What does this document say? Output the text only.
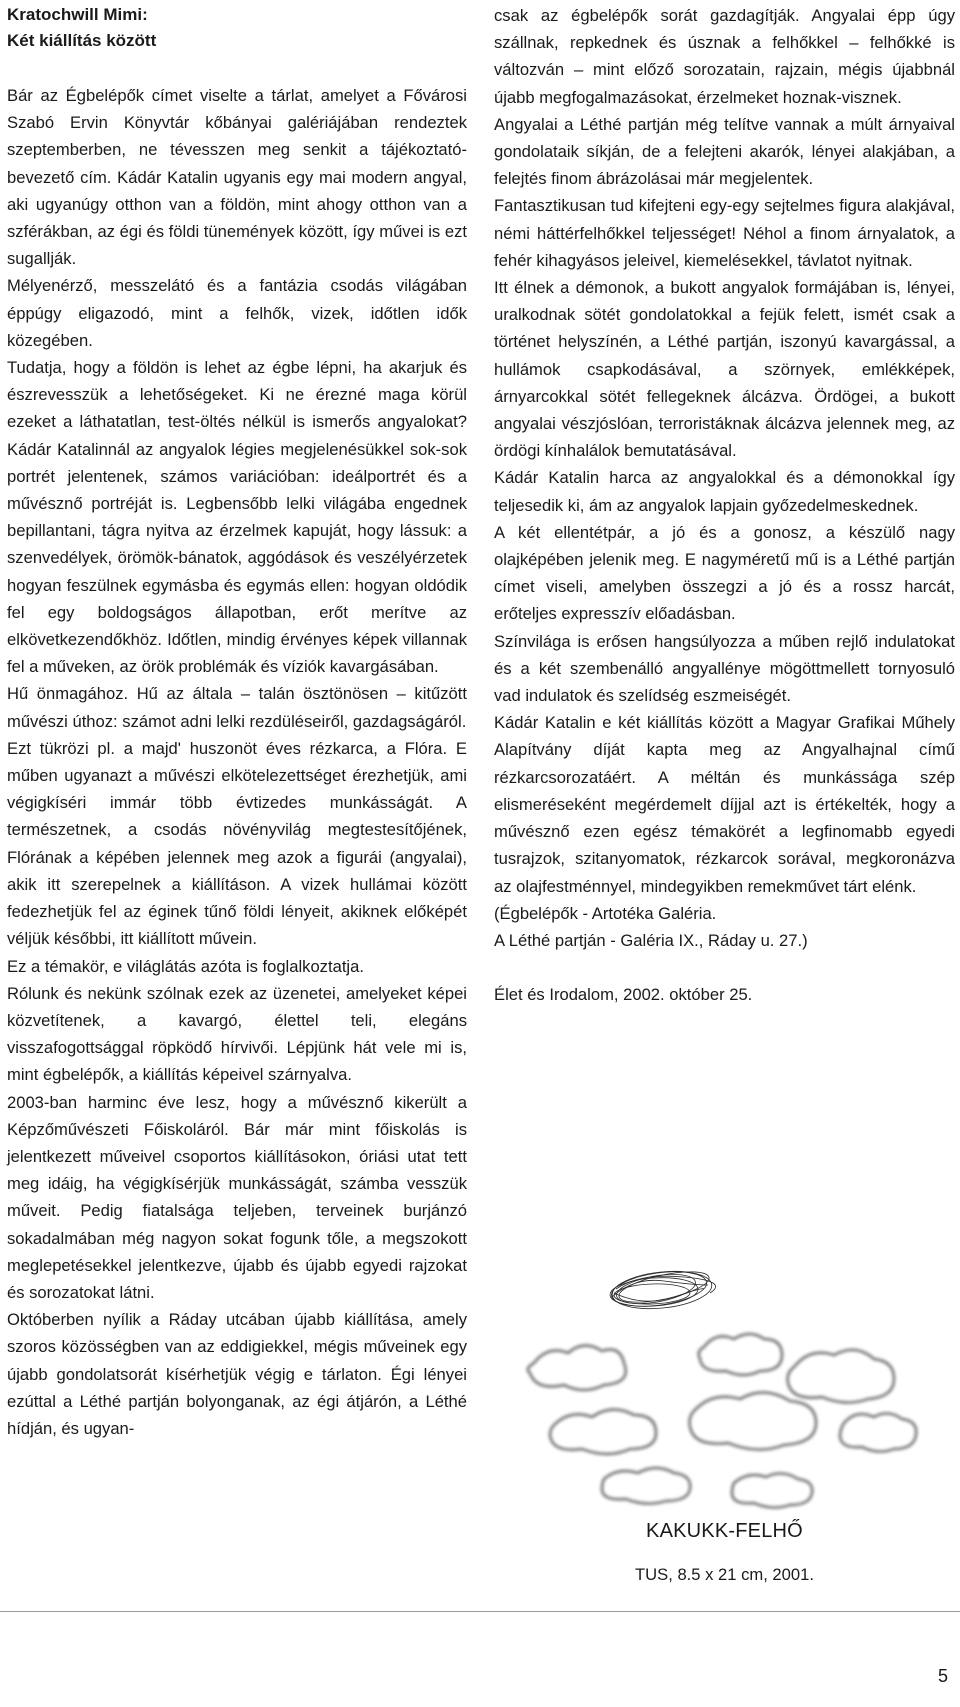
Kratochwill Mimi:

Két kiállítás között

Bár az Égbelépők címet viselte a tárlat, amelyet a Fővárosi Szabó Ervin Könyvtár kőbányai galériájában rendeztek szeptemberben, ne tévesszen meg senkit a tájékoztató-bevezető cím. Kádár Katalin ugyanis egy mai modern angyal, aki ugyanúgy otthon van a földön, mint ahogy otthon van a szférákban, az égi és földi tünemények között, így művei is ezt sugallják.

Mélyenérző, messzelátó és a fantázia csodás világában éppúgy eligazodó, mint a felhők, vizek, időtlen idők közegében.

Tudatja, hogy a földön is lehet az égbe lépni, ha akarjuk és észrevesszük a lehetőségeket. Ki ne érezné maga körül ezeket a láthatatlan, test-öltés nélkül is ismerős angyalokat? Kádár Katalinnál az angyalok légies megjelenésükkel sok-sok portrét jelentenek, számos variációban: ideálportrét és a művésznő portréját is. Legbensőbb lelki világába engednek bepillantani, tágra nyitva az érzelmek kapuját, hogy lássuk: a szenvedélyek, örömök-bánatok, aggódások és veszélyérzetek hogyan feszülnek egymásba és egymás ellen: hogyan oldódik fel egy boldogságos állapotban, erőt merítve az elkövetkezendőkhöz. Időtlen, mindig érvényes képek villannak fel a műveken, az örök problémák és víziók kavargásában.

Hű önmagához. Hű az általa – talán ösztönösen – kitűzött művészi úthoz: számot adni lelki rezdüléseiről, gazdagságáról.

Ezt tükrözi pl. a majd' huszonöt éves rézkarca, a Flóra. E műben ugyanazt a művészi elkötelezettséget érezhetjük, ami végigkíséri immár több évtizedes munkásságát. A természetnek, a csodás növényvilág megtestesítőjének, Flórának a képében jelennek meg azok a figurái (angyalai), akik itt szerepelnek a kiállításon. A vizek hullámai között fedezhetjük fel az éginek tűnő földi lényeit, akiknek előképét véljük későbbi, itt kiállított művein.

Ez a témakör, e világlátás azóta is foglalkoztatja.

Rólunk és nekünk szólnak ezek az üzenetei, amelyeket képei közvetítenek, a kavargó, élettel teli, elegáns visszafogottsággal röpködő hírvivői. Lépjünk hát vele mi is, mint égbelépők, a kiállítás képeivel szárnyalva.

2003-ban harminc éve lesz, hogy a művésznő kikerült a Képzőművészeti Főiskoláról. Bár már mint főiskolás is jelentkezett műveivel csoportos kiállításokon, óriási utat tett meg idáig, ha végigkísérjük munkásságát, számba vesszük műveit. Pedig fiatalsága teljeben, terveinek burjánzó sokadalmában még nagyon sokat fogunk tőle, a megszokott meglepetésekkel jelentkezve, újabb és újabb egyedi rajzokat és sorozatokat látni.

Októberben nyílik a Ráday utcában újabb kiállítása, amely szoros közösségben van az eddigiekkel, mégis műveinek egy újabb gondolatsorát kísérhetjük végig e tárlaton. Égi lényei ezúttal a Léthé partján bolyonganak, az égi átjárón, a Léthé hídján, és ugyan-

csak az égbelépők sorát gazdagítják. Angyalai épp úgy szállnak, repkednek és úsznak a felhőkkel – felhőkké is változván – mint előző sorozatain, rajzain, mégis újabbnál újabb megfogalmazásokat, érzelmeket hoznak-visznek.

Angyalai a Léthé partján még telítve vannak a múlt árnyaival gondolataik síkján, de a felejteni akarók, lényei alakjában, a felejtés finom ábrázolásai már megjelentek.

Fantasztikusan tud kifejteni egy-egy sejtelmes figura alakjával, némi háttérfelhőkkel teljességet! Néhol a finom árnyalatok, a fehér kihagyásos jeleivel, kiemelésekkel, távlatot nyitnak.

Itt élnek a démonok, a bukott angyalok formájában is, lényei, uralkodnak sötét gondolatokkal a fejük felett, ismét csak a történet helyszínén, a Léthé partján, iszonyú kavargással, a hullámok csapkodásával, a szörnyek, emlékképek, árnyarcokkal sötét fellegeknek álcázva. Ördögei, a bukott angyalai vészjóslóan, terroristáknak álcázva jelennek meg, az ördögi kínhalálok bemutatásával.

Kádár Katalin harca az angyalokkal és a démonokkal így teljesedik ki, ám az angyalok lapjain győzedelmeskednek.

A két ellentétpár, a jó és a gonosz, a készülő nagy olajképében jelenik meg. E nagyméretű mű is a Léthé partján címet viseli, amelyben összegzi a jó és a rossz harcát, erőteljes expresszív előadásban.

Színvilága is erősen hangsúlyozza a műben rejlő indulatokat és a két szembenálló angyallénye mögöttmellett tornyosuló vad indulatok és szelídség eszmeiségét.

Kádár Katalin e két kiállítás között a Magyar Grafikai Műhely Alapítvány díját kapta meg az Angyalhajnal című rézkarcsorozatáért. A méltán és munkássága szép elismeréseként megérdemelt díjjal azt is értékelték, hogy a művésznő ezen egész témakörét a legfinomabb egyedi tusrajzok, szitanyomatok, rézkarcok sorával, megkoronázva az olajfestménnyel, mindegyikben remekművet tárt elénk.

(Égbelépők - Artotéka Galéria.

A Léthé partján - Galéria IX., Ráday u. 27.)

Élet és Irodalom, 2002. október 25.

KAKUKK-FELHŐ
TUS, 8.5 x 21 cm, 2001.
5
